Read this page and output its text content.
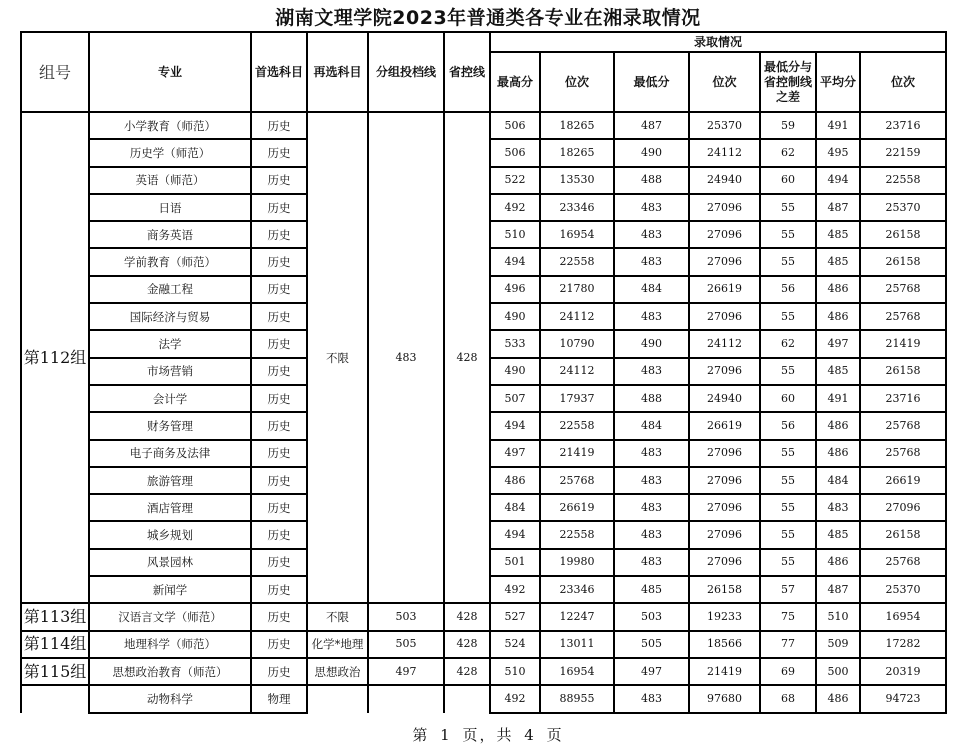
湖南文理学院2023年普通类各专业在湘录取情况
组号	专业	首选科目	再选科目	分组投档线	省控线	录取情况						
						最高分	位次	最低分	位次	最低分与省控制线之差	平均分	位次
第112组	小学教育（师范）	历史	不限	483	428	506	18265	487	25370	59	491	23716
	历史学（师范）	历史				506	18265	490	24112	62	495	22159
	英语（师范）	历史				522	13530	488	24940	60	494	22558
	日语	历史				492	23346	483	27096	55	487	25370
	商务英语	历史				510	16954	483	27096	55	485	26158
	学前教育（师范）	历史				494	22558	483	27096	55	485	26158
	金融工程	历史				496	21780	484	26619	56	486	25768
	国际经济与贸易	历史				490	24112	483	27096	55	486	25768
	法学	历史				533	10790	490	24112	62	497	21419
	市场营销	历史				490	24112	483	27096	55	485	26158
	会计学	历史				507	17937	488	24940	60	491	23716
	财务管理	历史				494	22558	484	26619	56	486	25768
	电子商务及法律	历史				497	21419	483	27096	55	486	25768
	旅游管理	历史				486	25768	483	27096	55	484	26619
	酒店管理	历史				484	26619	483	27096	55	483	27096
	城乡规划	历史				494	22558	483	27096	55	485	26158
	风景园林	历史				501	19980	483	27096	55	486	25768
	新闻学	历史				492	23346	485	26158	57	487	25370
第113组	汉语言文学（师范）	历史	不限	503	428	527	12247	503	19233	75	510	16954
第114组	地理科学（师范）	历史	化学*地理	505	428	524	13011	505	18566	77	509	17282
第115组	思想政治教育（师范）	历史	思想政治	497	428	510	16954	497	21419	69	500	20319
	动物科学	物理				492	88955	483	97680	68	486	94723
第 1 页，共 4 页
